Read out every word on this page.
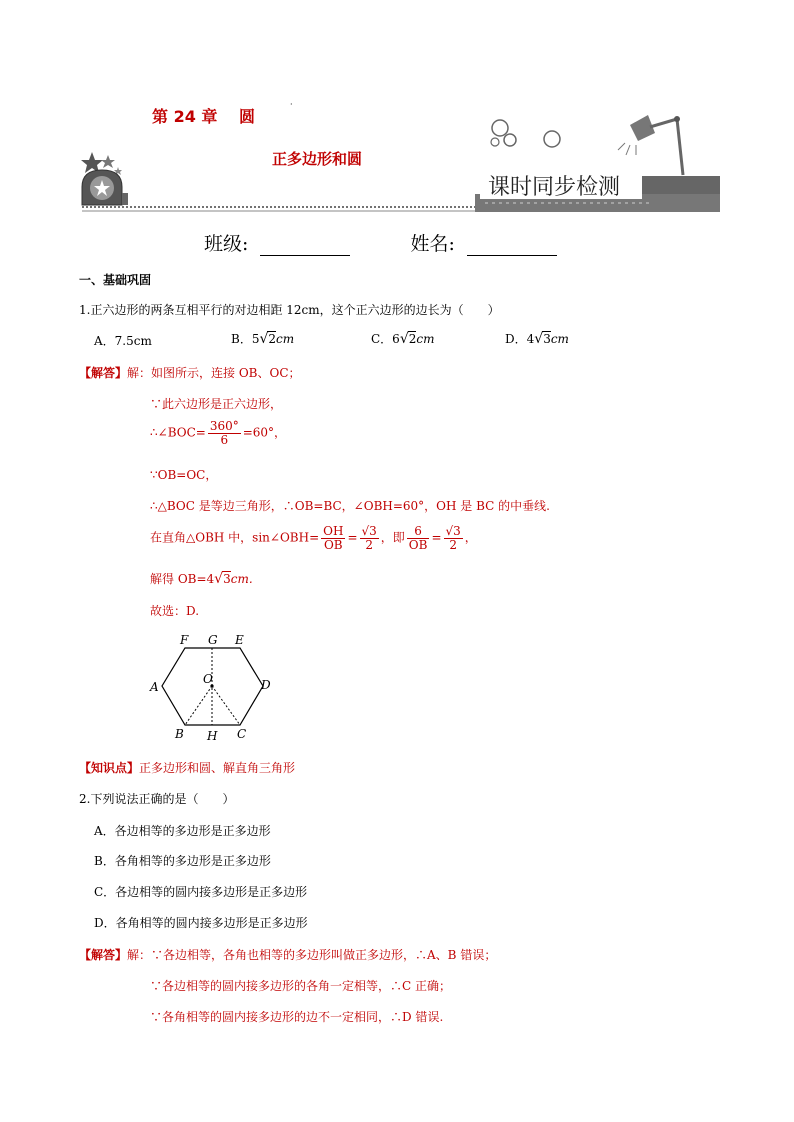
·
第 24 章　 圆
正多边形和圆
课时同步检测
班级:	姓名:
一、基础巩固
1.正六边形的两条互相平行的对边相距 12cm，这个正六边形的边长为（　　）
A．7.5cm	B．5√2cm	C．6√2cm	D．4√3cm
【解答】解：如图所示，连接 OB、OC；
∵此六边形是正六边形，
∴∠BOC= $\frac{360^\circ}{6} =60^\circ$，
∵OB=OC，
∴△BOC 是等边三角形，∴OB=BC，∠OBH=60°，OH 是 BC 的中垂线.
在直角△OBH 中，sin∠OBH= $\frac{OH}{OB} = \frac{√3}{2}$ ，即 $\frac{6}{OB} = \frac{√3}{2}$ ，
解得 OB=4√3cm.
故选：D.
F G E
A
O	D
B H C
【知识点】正多边形和圆、解直角三角形
2.下列说法正确的是（　　）
A．各边相等的多边形是正多边形
B．各角相等的多边形是正多边形
C．各边相等的圆内接多边形是正多边形
D．各角相等的圆内接多边形是正多边形
【解答】解：∵各边相等，各角也相等的多边形叫做正多边形，∴A、B 错误；
∵各边相等的圆内接多边形的各角一定相等，∴C 正确；
∵各角相等的圆内接多边形的边不一定相同，∴D 错误.
